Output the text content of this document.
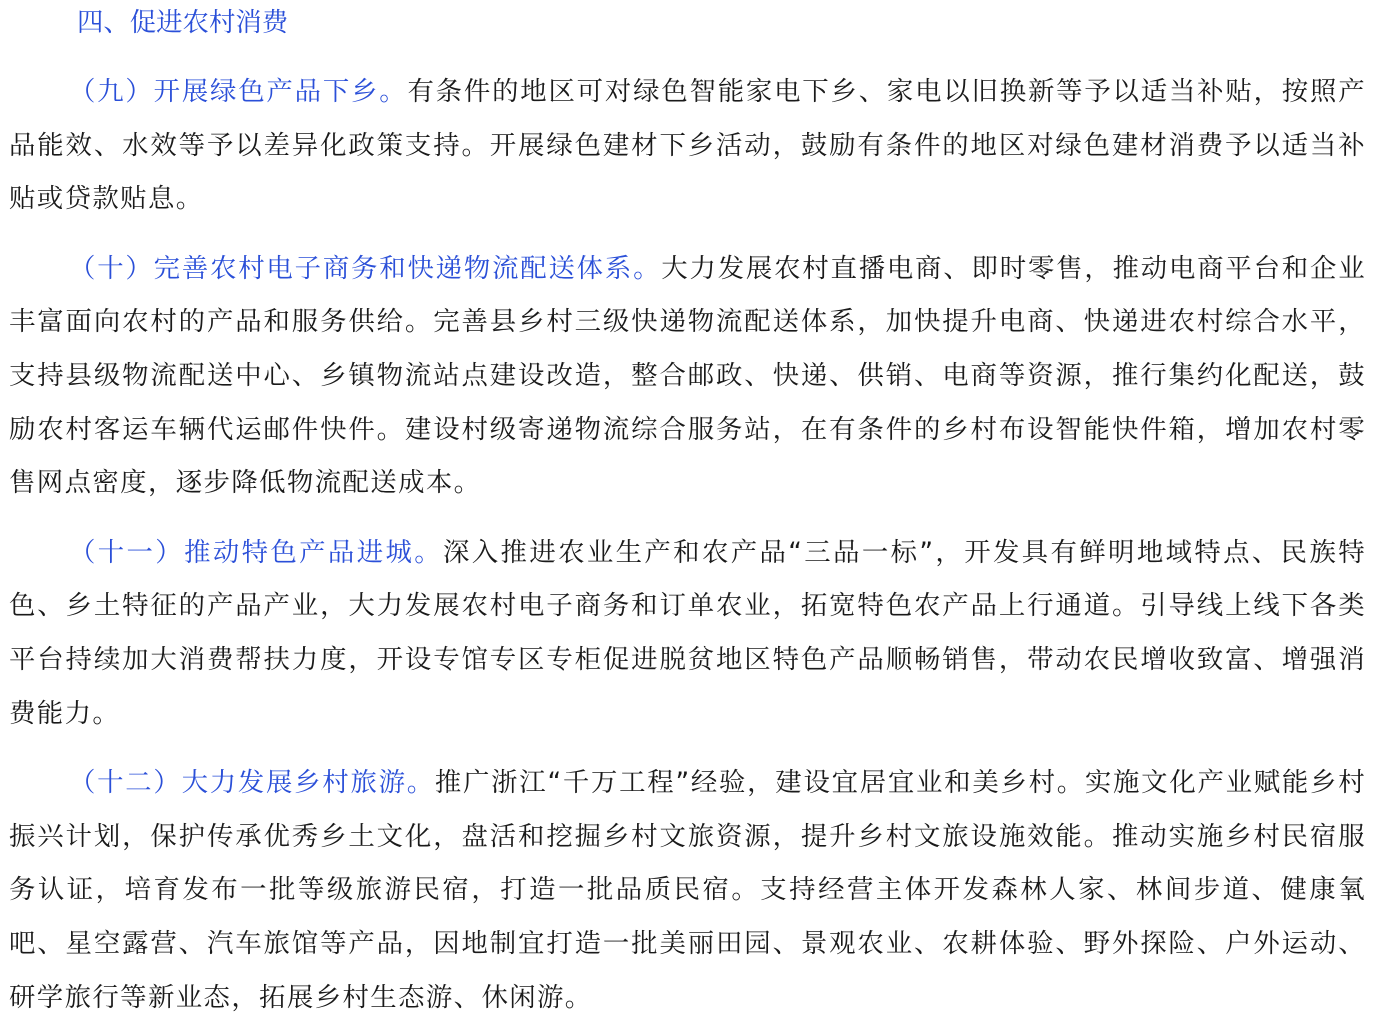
四、促进农村消费

（九）开展绿色产品下乡。有条件的地区可对绿色智能家电下乡、家电以旧换新等予以适当补贴，按照产品能效、水效等予以差异化政策支持。开展绿色建材下乡活动，鼓励有条件的地区对绿色建材消费予以适当补贴或贷款贴息。

（十）完善农村电子商务和快递物流配送体系。大力发展农村直播电商、即时零售，推动电商平台和企业丰富面向农村的产品和服务供给。完善县乡村三级快递物流配送体系，加快提升电商、快递进农村综合水平，支持县级物流配送中心、乡镇物流站点建设改造，整合邮政、快递、供销、电商等资源，推行集约化配送，鼓励农村客运车辆代运邮件快件。建设村级寄递物流综合服务站，在有条件的乡村布设智能快件箱，增加农村零售网点密度，逐步降低物流配送成本。

（十一）推动特色产品进城。深入推进农业生产和农产品“三品一标”，开发具有鲜明地域特点、民族特色、乡土特征的产品产业，大力发展农村电子商务和订单农业，拓宽特色农产品上行通道。引导线上线下各类平台持续加大消费帮扶力度，开设专馆专区专柜促进脱贫地区特色产品顺畅销售，带动农民增收致富、增强消费能力。

（十二）大力发展乡村旅游。推广浙江“千万工程”经验，建设宜居宜业和美乡村。实施文化产业赋能乡村振兴计划，保护传承优秀乡土文化，盘活和挖掘乡村文旅资源，提升乡村文旅设施效能。推动实施乡村民宿服务认证，培育发布一批等级旅游民宿，打造一批品质民宿。支持经营主体开发森林人家、林间步道、健康氧吧、星空露营、汽车旅馆等产品，因地制宜打造一批美丽田园、景观农业、农耕体验、野外探险、户外运动、研学旅行等新业态，拓展乡村生态游、休闲游。
